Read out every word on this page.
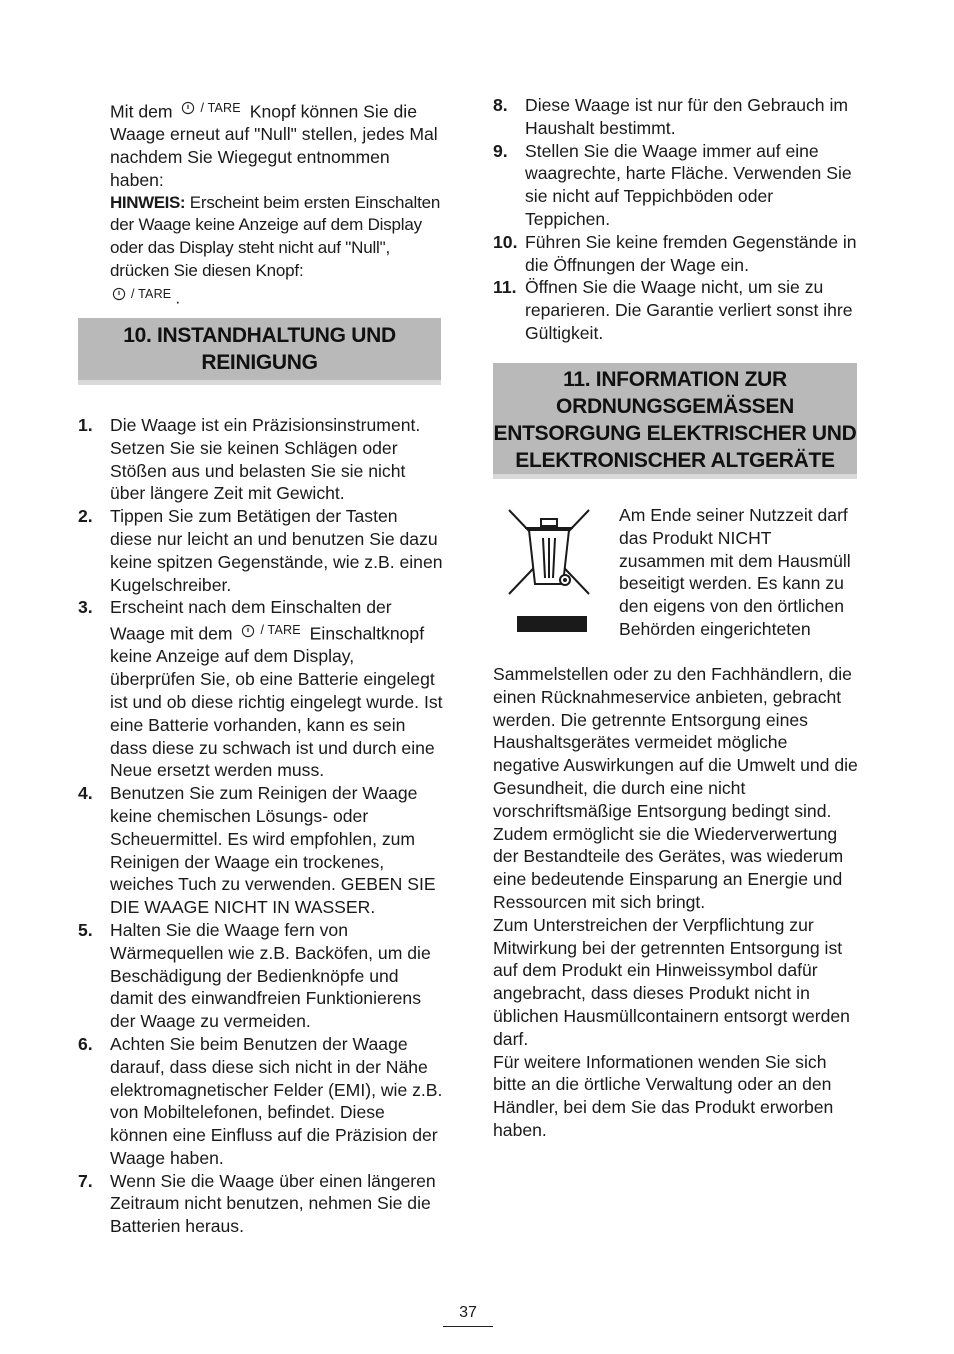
Mit dem / TARE Knopf können Sie die Waage erneut auf "Null" stellen, jedes Mal nachdem Sie Wiegegut entnommen haben:

HINWEIS: Erscheint beim ersten Einschalten der Waage keine Anzeige auf dem Display oder das Display steht nicht auf "Null", drücken Sie diesen Knopf:

/ TARE .

10. INSTANDHALTUNG UND
REINIGUNG
1. Die Waage ist ein Präzisionsinstrument. Setzen Sie sie keinen Schlägen oder Stößen aus und belasten Sie sie nicht über längere Zeit mit Gewicht.
2. Tippen Sie zum Betätigen der Tasten diese nur leicht an und benutzen Sie dazu keine spitzen Gegenstände, wie z.B. einen Kugelschreiber.
3. Erscheint nach dem Einschalten der Waage mit dem / TARE Einschaltknopf keine Anzeige auf dem Display, überprüfen Sie, ob eine Batterie eingelegt ist und ob diese richtig eingelegt wurde. Ist eine Batterie vorhanden, kann es sein dass diese zu schwach ist und durch eine Neue ersetzt werden muss.
4. Benutzen Sie zum Reinigen der Waage keine chemischen Lösungs- oder Scheuermittel. Es wird empfohlen, zum Reinigen der Waage ein trockenes, weiches Tuch zu verwenden. GEBEN SIE DIE WAAGE NICHT IN WASSER.
5. Halten Sie die Waage fern von Wärmequellen wie z.B. Backöfen, um die Beschädigung der Bedienknöpfe und damit des einwandfreien Funktionierens der Waage zu vermeiden.
6. Achten Sie beim Benutzen der Waage darauf, dass diese sich nicht in der Nähe elektromagnetischer Felder (EMI), wie z.B. von Mobiltelefonen, befindet. Diese können eine Einfluss auf die Präzision der Waage haben.
7. Wenn Sie die Waage über einen längeren Zeitraum nicht benutzen, nehmen Sie die Batterien heraus.
8. Diese Waage ist nur für den Gebrauch im Haushalt bestimmt.
9. Stellen Sie die Waage immer auf eine waagrechte, harte Fläche. Verwenden Sie sie nicht auf Teppichböden oder Teppichen.
10. Führen Sie keine fremden Gegenstände in die Öffnungen der Wage ein.
11. Öffnen Sie die Waage nicht, um sie zu reparieren. Die Garantie verliert sonst ihre Gültigkeit.
11. INFORMATION ZUR
ORDNUNGSGEMÄSSEN
ENTSORGUNG ELEKTRISCHER UND
ELEKTRONISCHER ALTGERÄTE

Am Ende seiner Nutzzeit darf das Produkt NICHT zusammen mit dem Hausmüll beseitigt werden. Es kann zu den eigens von den örtlichen Behörden eingerichteten

Sammelstellen oder zu den Fachhändlern, die einen Rücknahmeservice anbieten, gebracht werden. Die getrennte Entsorgung eines Haushaltsgerätes vermeidet mögliche negative Auswirkungen auf die Umwelt und die Gesundheit, die durch eine nicht vorschriftsmäßige Entsorgung bedingt sind. Zudem ermöglicht sie die Wiederverwertung der Bestandteile des Gerätes, was wiederum eine bedeutende Einsparung an Energie und Ressourcen mit sich bringt.

Zum Unterstreichen der Verpflichtung zur Mitwirkung bei der getrennten Entsorgung ist auf dem Produkt ein Hinweissymbol dafür angebracht, dass dieses Produkt nicht in üblichen Hausmüllcontainern entsorgt werden darf.

Für weitere Informationen wenden Sie sich bitte an die örtliche Verwaltung oder an den Händler, bei dem Sie das Produkt erworben haben.

37
